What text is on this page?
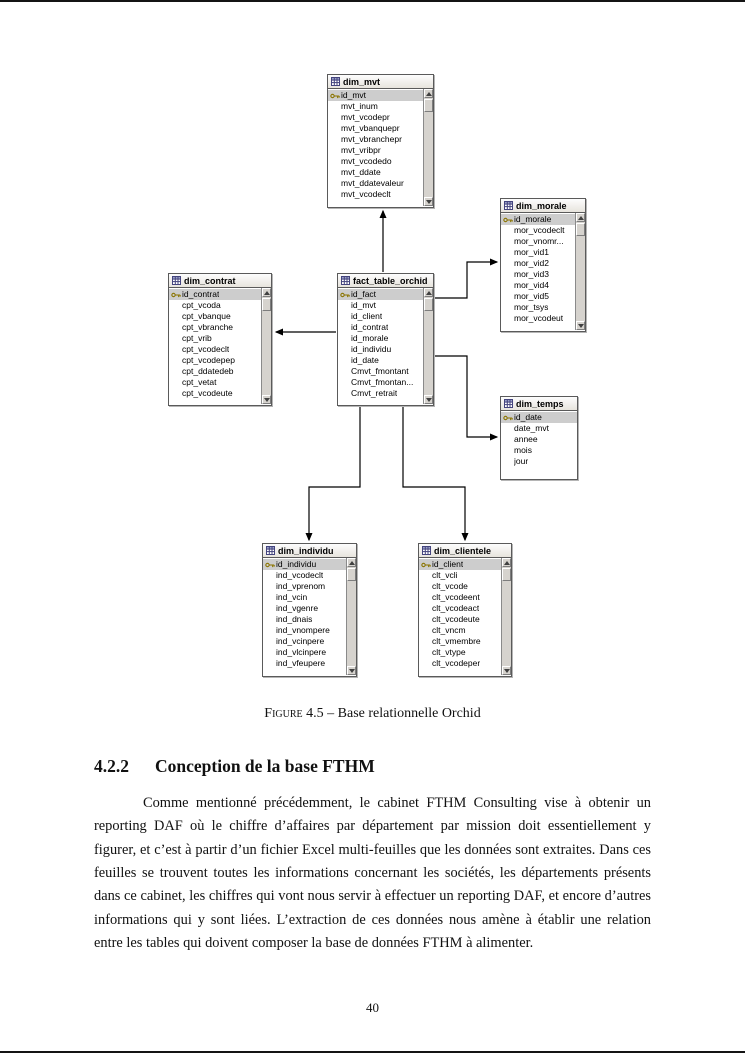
dim_mvt
id_mvt
mvt_inum
mvt_vcodepr
mvt_vbanquepr
mvt_vbranchepr
mvt_vribpr
mvt_vcodedo
mvt_ddate
mvt_ddatevaleur
mvt_vcodeclt
dim_morale
id_morale
mor_vcodeclt
mor_vnomr...
mor_vid1
mor_vid2
mor_vid3
mor_vid4
mor_vid5
mor_tsys
mor_vcodeut
dim_contrat
id_contrat
cpt_vcoda
cpt_vbanque
cpt_vbranche
cpt_vrib
cpt_vcodeclt
cpt_vcodepep
cpt_ddatedeb
cpt_vetat
cpt_vcodeute
fact_table_orchid
id_fact
id_mvt
id_client
id_contrat
id_morale
id_individu
id_date
Cmvt_fmontant
Cmvt_fmontan...
Cmvt_retrait
dim_temps
id_date
date_mvt
annee
mois
jour
dim_individu
id_individu
ind_vcodeclt
ind_vprenom
ind_vcin
ind_vgenre
ind_dnais
ind_vnompere
ind_vcinpere
ind_vlcinpere
ind_vfeupere
dim_clientele
id_client
clt_vcli
clt_vcode
clt_vcodeent
clt_vcodeact
clt_vcodeute
clt_vncm
clt_vmembre
clt_vtype
clt_vcodeper
Figure 4.5 – Base relationnelle Orchid
4.2.2 Conception de la base FTHM

Comme mentionné précédemment, le cabinet FTHM Consulting vise à obtenir un reporting DAF où le chiffre d’affaires par département par mission doit essentiellement y figurer, et c’est à partir d’un fichier Excel multi-feuilles que les données sont extraites. Dans ces feuilles se trouvent toutes les informations concernant les sociétés, les départements présents dans ce cabinet, les chiffres qui vont nous servir à effectuer un reporting DAF, et encore d’autres informations qui y sont liées. L’extraction de ces données nous amène à établir une relation entre les tables qui doivent composer la base de données FTHM à alimenter.

40
